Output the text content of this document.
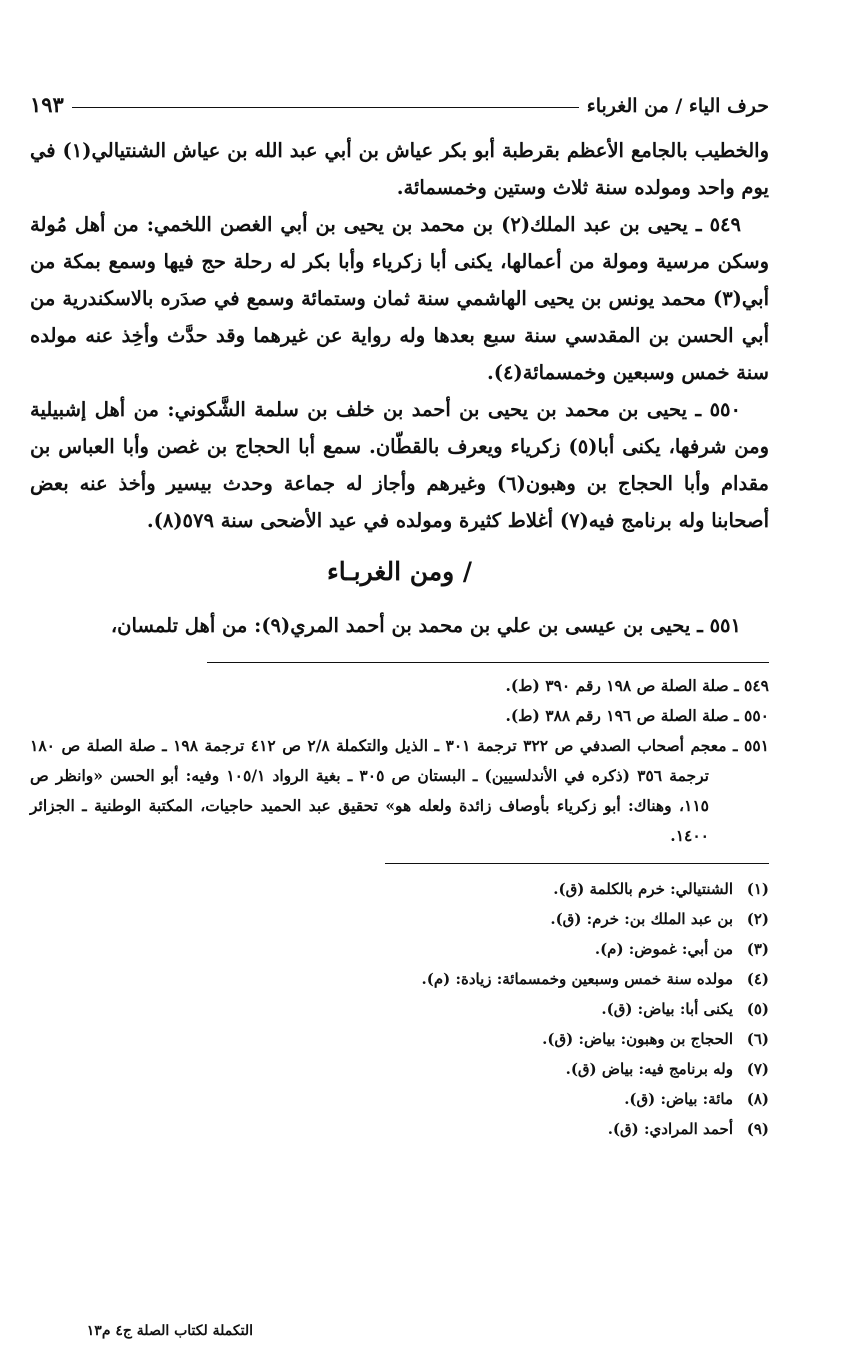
حرف الياء / من الغرباء
١٩٣

والخطيب بالجامع الأعظم بقرطبة أبو بكر عياش بن أبي عبد الله بن عياش الشنتيالي(١) في يوم واحد ومولده سنة ثلاث وستين وخمسمائة.

٥٤٩ ـ يحيى بن عبد الملك(٢) بن محمد بن يحيى بن أبي الغصن اللخمي: من أهل مُولة وسكن مرسية ومولة من أعمالها، يكنى أبا زكرياء وأبا بكر له رحلة حج فيها وسمع بمكة من أبي(٣) محمد يونس بن يحيى الهاشمي سنة ثمان وستمائة وسمع في صدَره بالاسكندرية من أبي الحسن بن المقدسي سنة سبع بعدها وله رواية عن غيرهما وقد حدَّث وأخِذ عنه مولده سنة خمس وسبعين وخمسمائة(٤).

٥٥٠ ـ يحيى بن محمد بن يحيى بن أحمد بن خلف بن سلمة الشَّكوني: من أهل إشبيلية ومن شرفها، يكنى أبا(٥) زكرياء ويعرف بالقطّان. سمع أبا الحجاج بن غصن وأبا العباس بن مقدام وأبا الحجاج بن وهبون(٦) وغيرهم وأجاز له جماعة وحدث بيسير وأخذ عنه بعض أصحابنا وله برنامج فيه(٧) أغلاط كثيرة ومولده في عيد الأضحى سنة ٥٧٩(٨).

/ ومن الغربـاء

٥٥١ ـ يحيى بن عيسى بن علي بن محمد بن أحمد المري(٩): من أهل تلمسان،

٥٤٩ ـ صلة الصلة ص ١٩٨ رقم ٣٩٠ (ط).

٥٥٠ ـ صلة الصلة ص ١٩٦ رقم ٣٨٨ (ط).

٥٥١ ـ معجم أصحاب الصدفي ص ٣٢٢ ترجمة ٣٠١ ـ الذيل والتكملة ٢/٨ ص ٤١٢ ترجمة ١٩٨ ـ صلة الصلة ص ١٨٠ ترجمة ٣٥٦ (ذكره في الأندلسيين) ـ البستان ص ٣٠٥ ـ بغية الرواد ١٠٥/١ وفيه: أبو الحسن «وانظر ص ١١٥، وهناك: أبو زكرياء بأوصاف زائدة ولعله هو» تحقيق عبد الحميد حاجيات، المكتبة الوطنية ـ الجزائر ١٤٠٠.

(١)الشنتيالي: خرم بالكلمة (ق).
(٢)بن عبد الملك بن: خرم: (ق).
(٣)من أبي: غموض: (م).
(٤)مولده سنة خمس وسبعين وخمسمائة: زيادة: (م).
(٥)يكنى أبا: بياض: (ق).
(٦)الحجاج بن وهبون: بياض: (ق).
(٧)وله برنامج فيه: بياض (ق).
(٨)مائة: بياض: (ق).
(٩)أحمد المرادي: (ق).
التكملة لكتاب الصلة ج٤ م١٣
